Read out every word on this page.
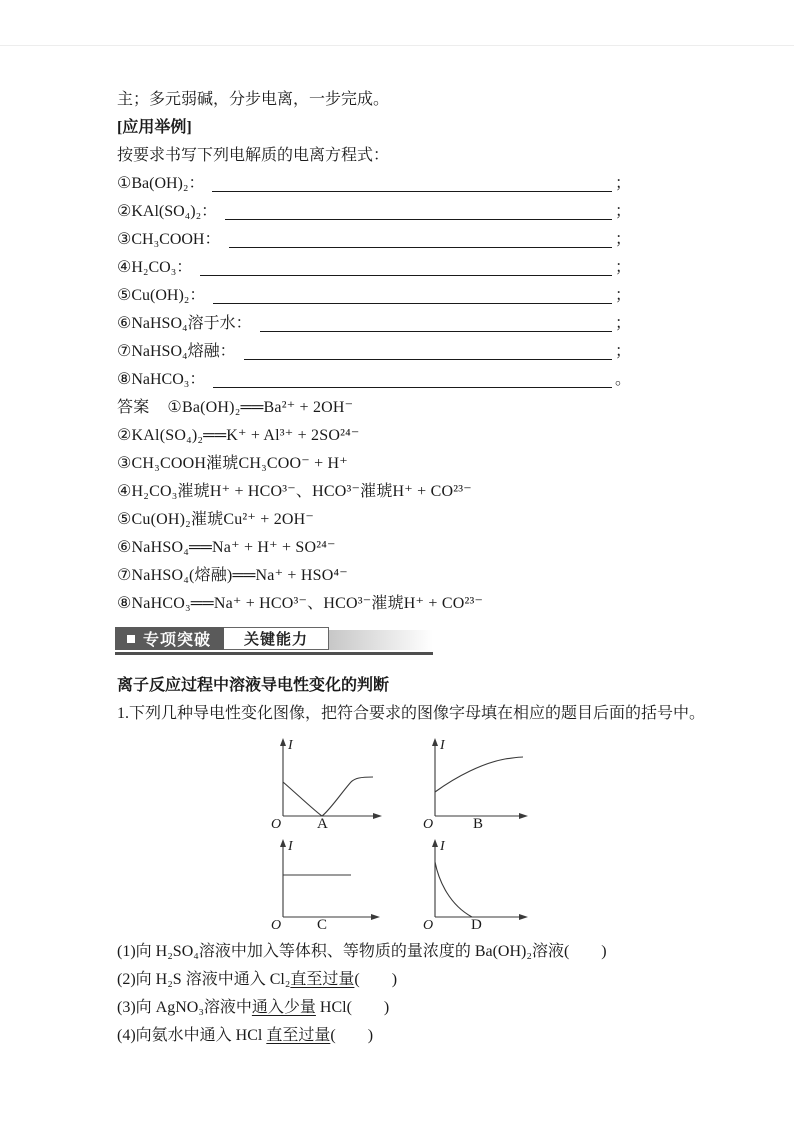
主；多元弱碱，分步电离，一步完成。

[应用举例]

按要求书写下列电解质的电离方程式：

①Ba(OH)₂：	；
②KAl(SO₄)₂：	；
③CH₃COOH：	；
④H₂CO₃：	；
⑤Cu(OH)₂：	；
⑥NaHSO₄溶于水：	；
⑦NaHSO₄熔融：	；
⑧NaHCO₃：	。

答案 ①Ba(OH)₂══Ba²⁺ + 2OH⁻

②KAl(SO₄)₂══K⁺ + Al³⁺ + 2SO²⁴⁻

③CH₃COOH漼琥CH₃COO⁻ + H⁺

④H₂CO₃漼琥H⁺ + HCO³⁻、HCO³⁻漼琥H⁺ + CO²³⁻

⑤Cu(OH)₂漼琥Cu²⁺ + 2OH⁻

⑥NaHSO₄══Na⁺ + H⁺ + SO²⁴⁻

⑦NaHSO₄(熔融)══Na⁺ + HSO⁴⁻

⑧NaHCO₃══Na⁺ + HCO³⁻、HCO³⁻漼琥H⁺ + CO²³⁻

专项突破	关键能力

离子反应过程中溶液导电性变化的判断

1.下列几种导电性变化图像，把符合要求的图像字母填在相应的题目后面的括号中。

I
O A
I
O	B
I
O C
I
O	D

(1)向 H₂SO₄溶液中加入等体积、等物质的量浓度的 Ba(OH)₂溶液(　　)

(2)向 H₂S 溶液中通入 Cl₂直至过量(　　)

(3)向 AgNO₃溶液中通入少量 HCl(　　)

(4)向氨水中通入 HCl 直至过量(　　)
